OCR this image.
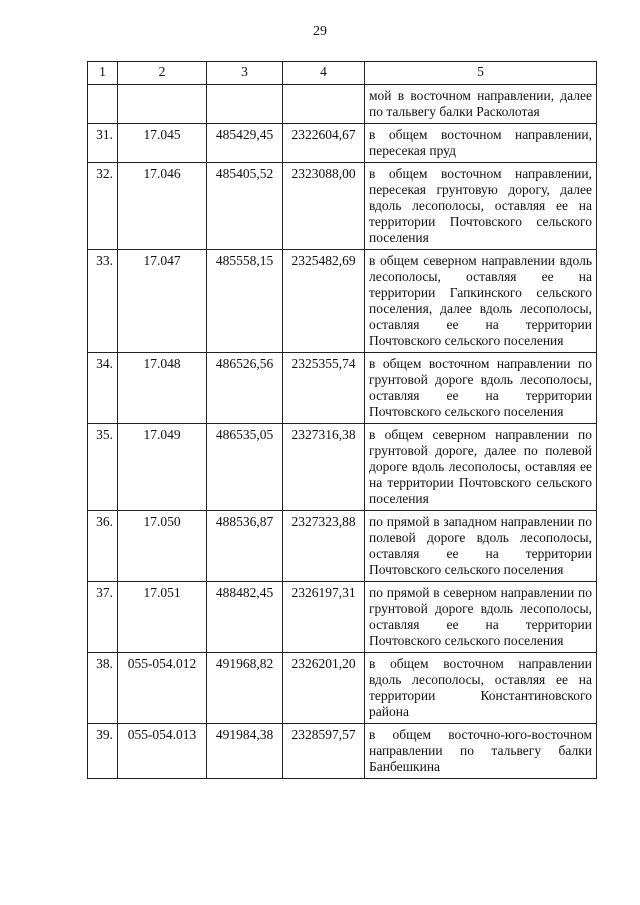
29
1	2	3	4	5
				мой в восточном направлении, далее по тальвегу балки Расколотая
31.	17.045	485429,45	2322604,67	в общем восточном направлении, пересекая пруд
32.	17.046	485405,52	2323088,00	в общем восточном направлении, пересекая грунтовую дорогу, далее вдоль лесополосы, оставляя ее на территории Почтовского сельского поселения
33.	17.047	485558,15	2325482,69	в общем северном направлении вдоль лесополосы, оставляя ее на территории Гапкинского сельского поселения, далее вдоль лесополосы, оставляя ее на территории Почтовского сельского поселения
34.	17.048	486526,56	2325355,74	в общем восточном направлении по грунтовой дороге вдоль лесополосы, оставляя ее на территории Почтовского сельского поселения
35.	17.049	486535,05	2327316,38	в общем северном направлении по грунтовой дороге, далее по полевой дороге вдоль лесополосы, оставляя ее на территории Почтовского сельского поселения
36.	17.050	488536,87	2327323,88	по прямой в западном направлении по полевой дороге вдоль лесополосы, оставляя ее на территории Почтовского сельского поселения
37.	17.051	488482,45	2326197,31	по прямой в северном направлении по грунтовой дороге вдоль лесополосы, оставляя ее на территории Почтовского сельского поселения
38.	055-054.012	491968,82	2326201,20	в общем восточном направлении вдоль лесополосы, оставляя ее на территории Константиновского района
39.	055-054.013	491984,38	2328597,57	в общем восточно-юго-восточном направлении по тальвегу балки Банбешкина
